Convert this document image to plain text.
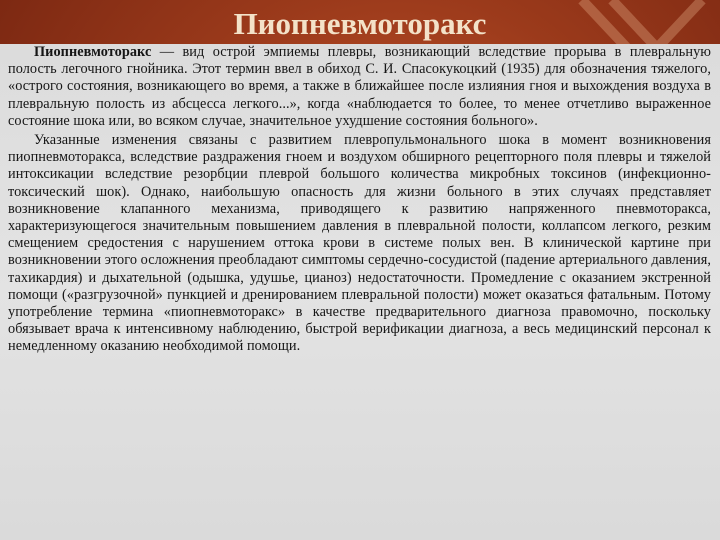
Пиопневмоторакс

Пиопневмоторакс — вид острой эмпиемы плевры, возникающий вследствие прорыва в плевральную полость легочного гнойника. Этот термин ввел в обиход С. И. Спасокукоцкий (1935) для обозначения тяжелого, «острого состояния, возникающего во время, а также в ближайшее после излияния гноя и выхождения воздуха в плевральную полость из абсцесса легкого...», когда «наблюдается то более, то менее отчетливо выраженное состояние шока или, во всяком случае, значительное ухудшение состояния больного».

Указанные изменения связаны с развитием плевропульмонального шока в момент возникновения пиопневмоторакса, вследствие раздражения гноем и воздухом обширного рецепторного поля плевры и тяжелой интоксикации вследствие резорбции плеврой большого количества микробных токсинов (инфекционно-токсический шок). Однако, наибольшую опасность для жизни больного в этих случаях представляет возникновение клапанного механизма, приводящего к развитию напряженного пневмоторакса, характеризующегося значительным повышением давления в плевральной полости, коллапсом легкого, резким смещением средостения с нарушением оттока крови в системе полых вен. В клинической картине при возникновении этого осложнения преобладают симптомы сердечно-сосудистой (падение артериального давления, тахикардия) и дыхательной (одышка, удушье, цианоз) недостаточности. Промедление с оказанием экстренной помощи («разгрузочной» пункцией и дренированием плевральной полости) может оказаться фатальным. Потому употребление термина «пиопневмоторакс» в качестве предварительного диагноза правомочно, поскольку обязывает врача к интенсивному наблюдению, быстрой верификации диагноза, а весь медицинский персонал к немедленному оказанию необходимой помощи.
